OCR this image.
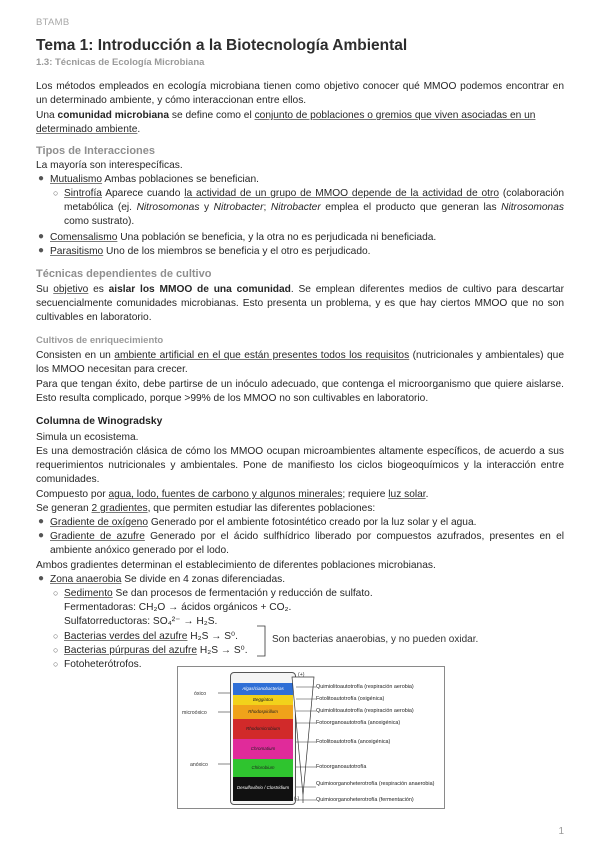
BTAMB
Tema 1: Introducción a la Biotecnología Ambiental
1.3: Técnicas de Ecología Microbiana
Los métodos empleados en ecología microbiana tienen como objetivo conocer qué MMOO podemos encontrar en un determinado ambiente, y cómo interaccionan entre ellos.
Una comunidad microbiana se define como el conjunto de poblaciones o gremios que viven asociadas en un determinado ambiente.
Tipos de Interacciones
La mayoría son interespecíficas.
● Mutualismo Ambas poblaciones se benefician.
○ Sintrofía Aparece cuando la actividad de un grupo de MMOO depende de la actividad de otro (colaboración metabólica (ej. Nitrosomonas y Nitrobacter; Nitrobacter emplea el producto que generan las Nitrosomonas como sustrato).
● Comensalismo Una población se beneficia, y la otra no es perjudicada ni beneficiada.
● Parasitismo Uno de los miembros se beneficia y el otro es perjudicado.
Técnicas dependientes de cultivo
Su objetivo es aislar los MMOO de una comunidad. Se emplean diferentes medios de cultivo para descartar secuencialmente comunidades microbianas. Esto presenta un problema, y es que hay ciertos MMOO que no son cultivables en laboratorio.
Cultivos de enriquecimiento
Consisten en un ambiente artificial en el que están presentes todos los requisitos (nutricionales y ambientales) que los MMOO necesitan para crecer.
Para que tengan éxito, debe partirse de un inóculo adecuado, que contenga el microorganismo que quiere aislarse. Esto resulta complicado, porque >99% de los MMOO no son cultivables en laboratorio.
Columna de Winogradsky
Simula un ecosistema.
Es una demostración clásica de cómo los MMOO ocupan microambientes altamente específicos, de acuerdo a sus requerimientos nutricionales y ambientales. Pone de manifiesto los ciclos biogeoquímicos y la interacción entre comunidades.
Compuesto por agua, lodo, fuentes de carbono y algunos minerales; requiere luz solar.
Se generan 2 gradientes, que permiten estudiar las diferentes poblaciones:
● Gradiente de oxígeno Generado por el ambiente fotosintético creado por la luz solar y el agua.
● Gradiente de azufre Generado por el ácido sulfhídrico liberado por compuestos azufrados, presentes en el ambiente anóxico generado por el lodo.
Ambos gradientes determinan el establecimiento de diferentes poblaciones microbianas.
● Zona anaerobia Se divide en 4 zonas diferenciadas.
○ Sedimento Se dan procesos de fermentación y reducción de sulfato.
Fermentadoras: CH₂O → ácidos orgánicos + CO₂.
Sulfatorreductoras: SO₄²⁻ → H₂S.
○ Bacterias verdes del azufre H₂S → S⁰.
○ Bacterias púrpuras del azufre H₂S → S⁰.
Son bacterias anaerobias, y no pueden oxidar.
○ Fotoheterótrofos.
óxico
microóxico
anóxico
Algas/cianobacterias
Beggiatoa
Rhodospirillum
Rhodomicrobium
Chromatium
Chlorobium
Desulfovibrio / Clostridium
(+)
(-)
Quimiolitoautotrofía (respiración aerobia)
Fotolitoautotrofía (oxigénica)
Quimiolitoautotrofía (respiración aerobia)
Fotoorganoautotrofía (anoxigénica)
Fotolitoautotrofía (anoxigénica)
Fotoorganoautotrofía
Quimioorganoheterotrofía (respiración anaerobia)
Quimioorganoheterotrofía (fermentación)
1
